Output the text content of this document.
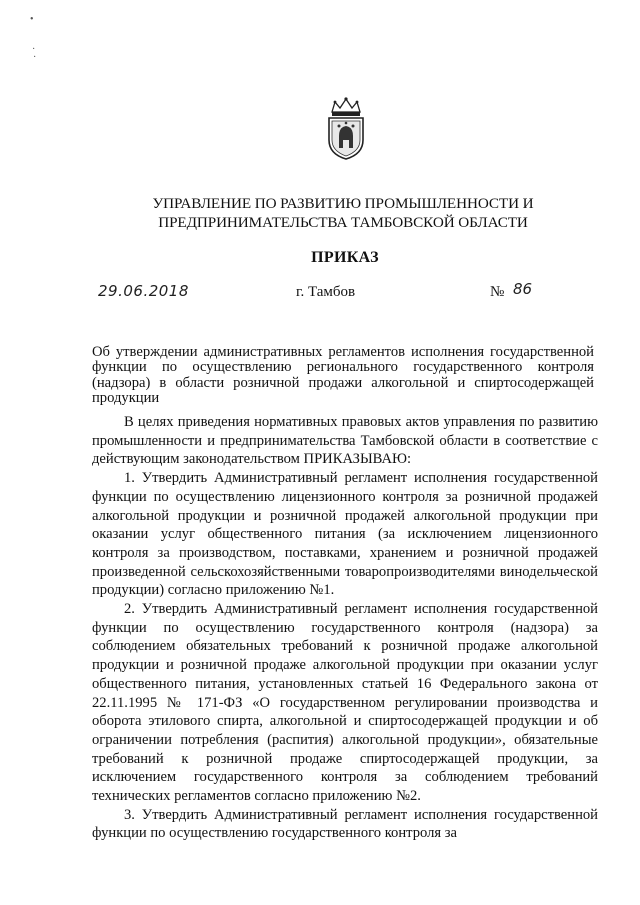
УПРАВЛЕНИЕ ПО РАЗВИТИЮ ПРОМЫШЛЕННОСТИ И
ПРЕДПРИНИМАТЕЛЬСТВА ТАМБОВСКОЙ ОБЛАСТИ
ПРИКАЗ
29.06.2018	г. Тамбов	№ 86
Об утверждении административных регламентов исполнения государственной функции по осуществлению регионального государственного контроля (надзора) в области розничной продажи алкогольной и спиртосодержащей продукции

В целях приведения нормативных правовых актов управления по развитию промышленности и предпринимательства Тамбовской области в соответствие с действующим законодательством ПРИКАЗЫВАЮ:

1. Утвердить Административный регламент исполнения государственной функции по осуществлению лицензионного контроля за розничной продажей алкогольной продукции и розничной продажей алкогольной продукции при оказании услуг общественного питания (за исключением лицензионного контроля за производством, поставками, хранением и розничной продажей произведенной сельскохозяйственными товаропроизводителями винодельческой продукции) согласно приложению №1.

2. Утвердить Административный регламент исполнения государственной функции по осуществлению государственного контроля (надзора) за соблюдением обязательных требований к розничной продаже алкогольной продукции и розничной продаже алкогольной продукции при оказании услуг общественного питания, установленных статьей 16 Федерального закона от 22.11.1995 № 171-ФЗ «О государственном регулировании производства и оборота этилового спирта, алкогольной и спиртосодержащей продукции и об ограничении потребления (распития) алкогольной продукции», обязательные требований к розничной продаже спиртосодержащей продукции, за исключением государственного контроля за соблюдением требований технических регламентов согласно приложению №2.

3. Утвердить Административный регламент исполнения государственной функции по осуществлению государственного контроля за

•
·
·
